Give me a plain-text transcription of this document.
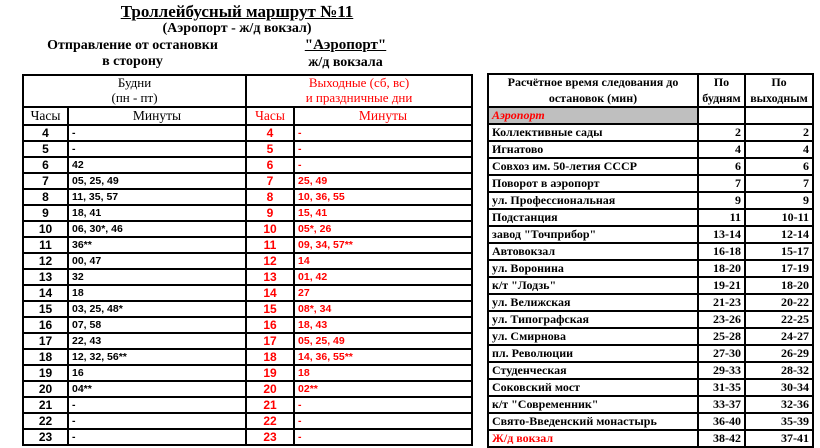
Троллейбусный маршрут №11
(Аэропорт - ж/д вокзал)
Отправление от остановки
в сторону
"Аэропорт"
ж/д вокзала
Будни
(пн - пт)

Выходные (сб, вс)
и праздничные дни

Часы	Минуты	Часы	Минуты
4	-	4	-
5	-	5	-
6	42	6	-
7	05, 25, 49	7	25, 49
8	11, 35, 57	8	10, 36, 55
9	18, 41	9	15, 41
10	06, 30*, 46	10	05*, 26
11	36**	11	09, 34, 57**
12	00, 47	12	14
13	32	13	01, 42
14	18	14	27
15	03, 25, 48*	15	08*, 34
16	07, 58	16	18, 43
17	22, 43	17	05, 25, 49
18	12, 32, 56**	18	14, 36, 55**
19	16	19	18
20	04**	20	02**
21	-	21	-
22	-	22	-
23	-	23	-
Расчётное время следования до остановок (мин)	По будням	По выходным
Аэропорт		
Коллективные сады	2	2
Игнатово	4	4
Совхоз им. 50-летия СССР	6	6
Поворот в аэропорт	7	7
ул. Профессиональная	9	9
Подстанция	11	10-11
завод "Точприбор"	13-14	12-14
Автовокзал	16-18	15-17
ул. Воронина	18-20	17-19
к/т "Лодзь"	19-21	18-20
ул. Велижская	21-23	20-22
ул. Типографская	23-26	22-25
ул. Смирнова	25-28	24-27
пл. Революции	27-30	26-29
Студенческая	29-33	28-32
Соковский мост	31-35	30-34
к/т "Современник"	33-37	32-36
Свято-Введенский монастырь	36-40	35-39
Ж/д вокзал	38-42	37-41
